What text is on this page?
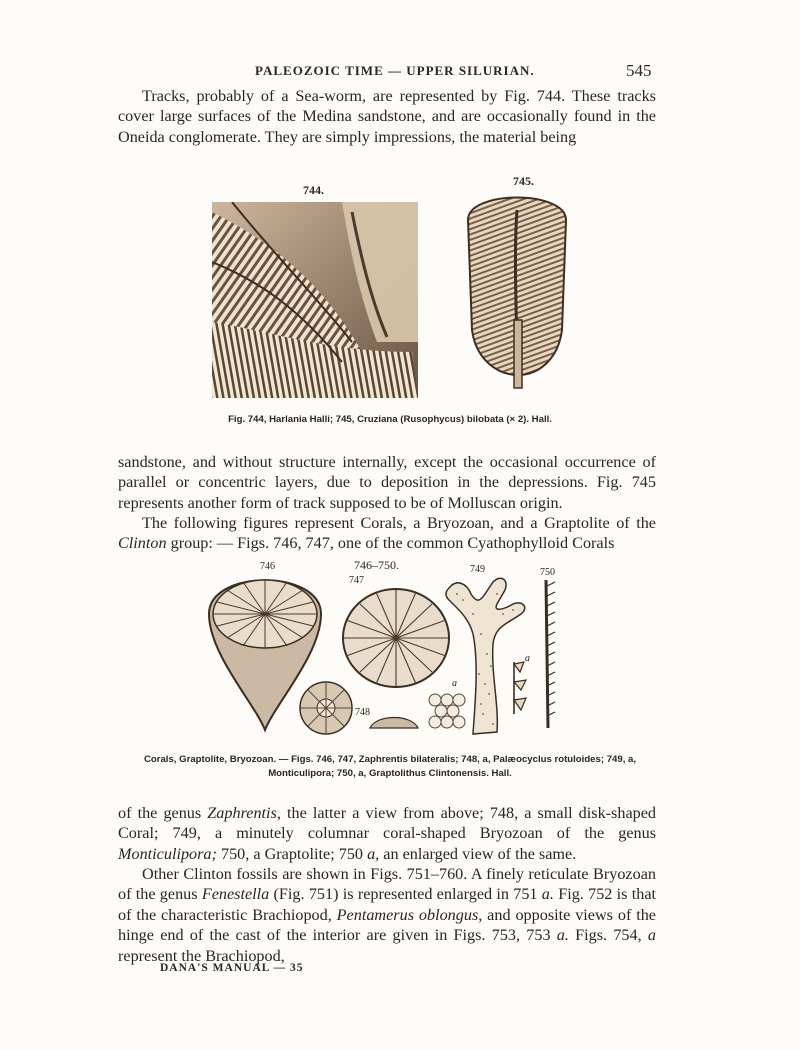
PALEOZOIC TIME — UPPER SILURIAN.	545

Tracks, probably of a Sea-worm, are represented by Fig. 744. These tracks cover large surfaces of the Medina sandstone, and are occasionally found in the Oneida conglomerate. They are simply impressions, the material being

744.
745.
Fig. 744, Harlania Halli; 745, Cruziana (Rusophycus) bilobata (× 2). Hall.

sandstone, and without structure internally, except the occasional occurrence of parallel or concentric layers, due to deposition in the depressions. Fig. 745 represents another form of track supposed to be of Molluscan origin.

The following figures represent Corals, a Bryozoan, and a Graptolite of the Clinton group: — Figs. 746, 747, one of the common Cyathophylloid Corals

746	746–750.
747
749	750
748
a
a
Corals, Graptolite, Bryozoan. — Figs. 746, 747, Zaphrentis bilateralis; 748, a, Palæocyclus rotuloides; 749, a,
Monticulipora; 750, a, Graptolithus Clintonensis. Hall.

of the genus Zaphrentis, the latter a view from above; 748, a small disk-shaped Coral; 749, a minutely columnar coral-shaped Bryozoan of the genus Monticulipora; 750, a Graptolite; 750 a, an enlarged view of the same.

Other Clinton fossils are shown in Figs. 751–760. A finely reticulate Bryozoan of the genus Fenestella (Fig. 751) is represented enlarged in 751 a. Fig. 752 is that of the characteristic Brachiopod, Pentamerus oblongus, and opposite views of the hinge end of the cast of the interior are given in Figs. 753, 753 a. Figs. 754, a represent the Brachiopod,

DANA'S MANUAL — 35
